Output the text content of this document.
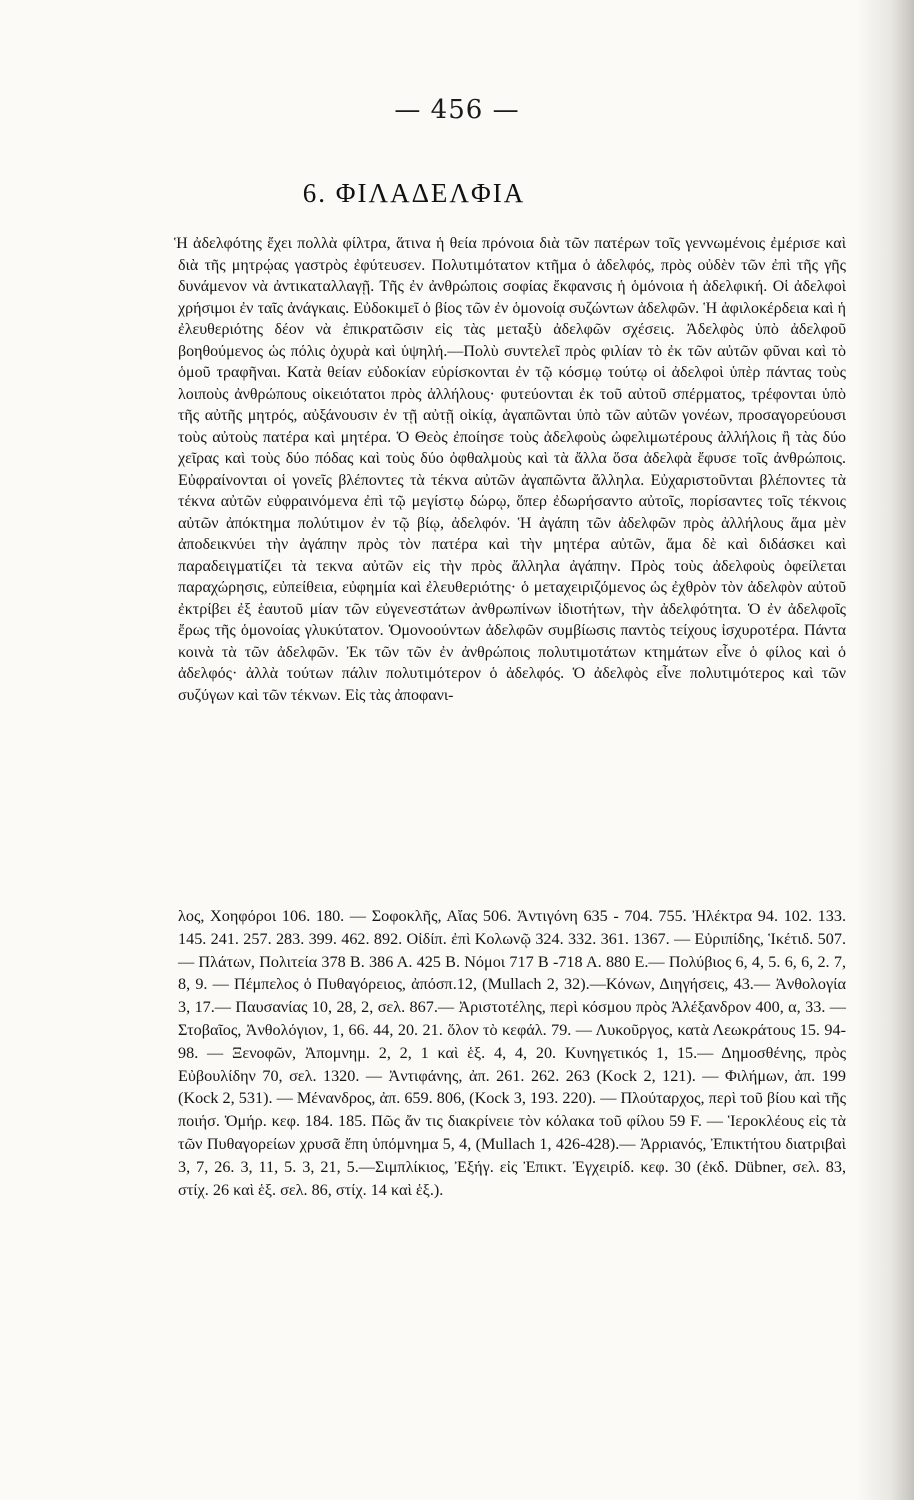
— 456 —
6. ΦΙΛΑΔΕΛΦΙΑ
Ἡ ἀδελφότης ἔχει πολλὰ φίλτρα, ἅτινα ἡ θεία πρόνοια διὰ τῶν πατέρων τοῖς γεννωμένοις ἐμέρισε καὶ διὰ τῆς μητρῴας γαστρὸς ἐφύτευσεν. Πολυτιμότατον κτῆμα ὁ ἀδελφός, πρὸς οὐδὲν τῶν ἐπὶ τῆς γῆς δυνάμενον νὰ ἀντικαταλλαγῇ. Τῆς ἐν ἀνθρώποις σοφίας ἔκφανσις ἡ ὁμόνοια ἡ ἀδελφική. Οἱ ἀδελφοὶ χρήσιμοι ἐν ταῖς ἀνάγκαις. Εὐδοκιμεῖ ὁ βίος τῶν ἐν ὁμονοίᾳ συζώντων ἀδελφῶν. Ἡ ἀφιλοκέρδεια καὶ ἡ ἐλευθεριότης δέον νὰ ἐπικρατῶσιν εἰς τὰς μεταξὺ ἀδελφῶν σχέσεις. Ἀδελφὸς ὑπὸ ἀδελφοῦ βοηθούμενος ὡς πόλις ὀχυρὰ καὶ ὑψηλή.—Πολὺ συντελεῖ πρὸς φιλίαν τὸ ἐκ τῶν αὐτῶν φῦναι καὶ τὸ ὁμοῦ τραφῆναι. Κατὰ θείαν εὐδοκίαν εὑρίσκονται ἐν τῷ κόσμῳ τούτῳ οἱ ἀδελφοὶ ὑπὲρ πάντας τοὺς λοιποὺς ἀνθρώπους οἰκειότατοι πρὸς ἀλλήλους· φυτεύονται ἐκ τοῦ αὐτοῦ σπέρματος, τρέφονται ὑπὸ τῆς αὐτῆς μητρός, αὐξάνουσιν ἐν τῇ αὐτῇ οἰκίᾳ, ἀγαπῶνται ὑπὸ τῶν αὐτῶν γονέων, προσαγορεύουσι τοὺς αὐτοὺς πατέρα καὶ μητέρα. Ὁ Θεὸς ἐποίησε τοὺς ἀδελφοὺς ὠφελιμωτέρους ἀλλήλοις ἢ τὰς δύο χεῖρας καὶ τοὺς δύο πόδας καὶ τοὺς δύο ὀφθαλμοὺς καὶ τὰ ἄλλα ὅσα ἀδελφὰ ἔφυσε τοῖς ἀνθρώποις. Εὐφραίνονται οἱ γονεῖς βλέποντες τὰ τέκνα αὐτῶν ἀγαπῶντα ἄλληλα. Εὐχαριστοῦνται βλέποντες τὰ τέκνα αὐτῶν εὐφραινόμενα ἐπὶ τῷ μεγίστῳ δώρῳ, ὅπερ ἐδωρήσαντο αὐτοῖς, πορίσαντες τοῖς τέκνοις αὐτῶν ἀπόκτημα πολύτιμον ἐν τῷ βίῳ, ἀδελφόν. Ἡ ἀγάπη τῶν ἀδελφῶν πρὸς ἀλλήλους ἅμα μὲν ἀποδεικνύει τὴν ἀγάπην πρὸς τὸν πατέρα καὶ τὴν μητέρα αὐτῶν, ἅμα δὲ καὶ διδάσκει καὶ παραδειγματίζει τὰ τεκνα αὐτῶν εἰς τὴν πρὸς ἄλληλα ἀγάπην. Πρὸς τοὺς ἀδελφοὺς ὀφείλεται παραχώρησις, εὐπείθεια, εὐφημία καὶ ἐλευθεριότης· ὁ μεταχειριζόμενος ὡς ἐχθρὸν τὸν ἀδελφὸν αὐτοῦ ἐκτρίβει ἐξ ἑαυτοῦ μίαν τῶν εὐγενεστάτων ἀνθρωπίνων ἰδιοτήτων, τὴν ἀδελφότητα. Ὁ ἐν ἀδελφοῖς ἔρως τῆς ὁμονοίας γλυκύτατον. Ὁμονοούντων ἀδελφῶν συμβίωσις παντὸς τείχους ἰσχυροτέρα. Πάντα κοινὰ τὰ τῶν ἀδελφῶν. Ἐκ τῶν τῶν ἐν ἀνθρώποις πολυτιμοτάτων κτημάτων εἶνε ὁ φίλος καὶ ὁ ἀδελφός· ἀλλὰ τούτων πάλιν πολυτιμότερον ὁ ἀδελφός. Ὁ ἀδελφὸς εἶνε πολυτιμότερος καὶ τῶν συζύγων καὶ τῶν τέκνων. Εἰς τὰς ἀποφανι-
λος, Χοηφόροι 106. 180. — Σοφοκλῆς, Αἴας 506. Ἀντιγόνη 635 - 704. 755. Ἠλέκτρα 94. 102. 133. 145. 241. 257. 283. 399. 462. 892. Οἰδίπ. ἐπὶ Κολωνῷ 324. 332. 361. 1367. — Εὐριπίδης, Ἱκέτιδ. 507. — Πλάτων, Πολιτεία 378 Β. 386 Α. 425 Β. Νόμοι 717 Β -718 Α. 880 Ε.— Πολύβιος 6, 4, 5. 6, 6, 2. 7, 8, 9. — Πέμπελος ὁ Πυθαγόρειος, ἀπόσπ.12, (Mullach 2, 32).—Κόνων, Διηγήσεις, 43.— Ἀνθολογία 3, 17.— Παυσανίας 10, 28, 2, σελ. 867.— Ἀριστοτέλης, περὶ κόσμου πρὸς Ἀλέξανδρον 400, α, 33. — Στοβαῖος, Ἀνθολόγιον, 1, 66. 44, 20. 21. ὅλον τὸ κεφάλ. 79. — Λυκοῦργος, κατὰ Λεωκράτους 15. 94-98. — Ξενοφῶν, Ἀπομνημ. 2, 2, 1 καὶ ἑξ. 4, 4, 20. Κυνηγετικός 1, 15.— Δημοσθένης, πρὸς Εὐβουλίδην 70, σελ. 1320. — Ἀντιφάνης, ἀπ. 261. 262. 263 (Kock 2, 121). — Φιλήμων, ἀπ. 199 (Kock 2, 531). — Μένανδρος, ἀπ. 659. 806, (Kock 3, 193. 220). — Πλούταρχος, περὶ τοῦ βίου καὶ τῆς ποιήσ. Ὁμήρ. κεφ. 184. 185. Πῶς ἄν τις διακρίνειε τὸν κόλακα τοῦ φίλου 59 F. — Ἱεροκλέους εἰς τὰ τῶν Πυθαγορείων χρυσᾶ ἔπη ὑπόμνημα 5, 4, (Mullach 1, 426-428).— Ἀρριανός, Ἐπικτήτου διατριβαὶ 3, 7, 26. 3, 11, 5. 3, 21, 5.—Σιμπλίκιος, Ἐξήγ. εἰς Ἐπικτ. Ἐγχειρίδ. κεφ. 30 (ἐκδ. Dübner, σελ. 83, στίχ. 26 καὶ ἑξ. σελ. 86, στίχ. 14 καὶ ἑξ.).
